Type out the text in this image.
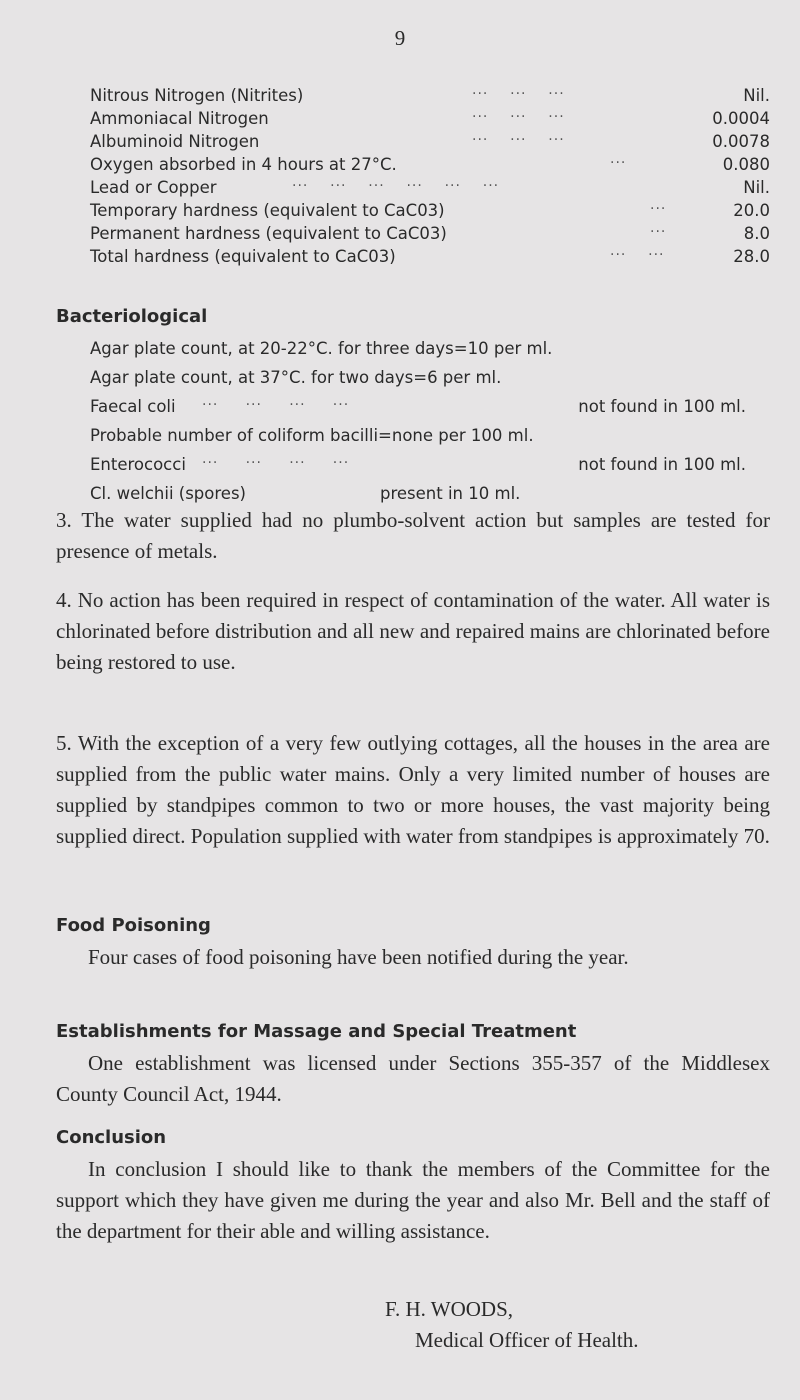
9
Nitrous Nitrogen (Nitrites)	...    ...    ...	Nil.
Ammoniacal Nitrogen	...    ...    ...	0.0004
Albuminoid Nitrogen	...    ...    ...	0.0078
Oxygen absorbed in 4 hours at 27°C.	...	0.080
Lead or Copper	...    ...    ...    ...    ...    ...	Nil.
Temporary hardness (equivalent to CaC03)	...	20.0
Permanent hardness (equivalent to CaC03)	...	8.0
Total hardness (equivalent to CaC03)	...    ...	28.0
Bacteriological
Agar plate count, at 20-22°C. for three days=10 per ml.
Agar plate count, at 37°C. for two days=6 per ml.
Faecal coli ...     ...     ...     ...	not found in 100 ml.
Probable number of coliform bacilli=none per 100 ml.
Enterococci ...     ...     ...     ...	not found in 100 ml.
Cl. welchii (spores)	present in 10 ml.
3. The water supplied had no plumbo-solvent action but samples are tested for presence of metals.
4. No action has been required in respect of contamination of the water. All water is chlorinated before distribution and all new and repaired mains are chlorinated before being restored to use.
5. With the exception of a very few outlying cottages, all the houses in the area are supplied from the public water mains. Only a very limited number of houses are supplied by standpipes common to two or more houses, the vast majority being supplied direct. Population supplied with water from standpipes is approximately 70.
Food Poisoning
Four cases of food poisoning have been notified during the year.
Establishments for Massage and Special Treatment
One establishment was licensed under Sections 355-357 of the Middlesex County Council Act, 1944.
Conclusion
In conclusion I should like to thank the members of the Committee for the support which they have given me during the year and also Mr. Bell and the staff of the department for their able and willing assistance.
F. H. WOODS,
Medical Officer of Health.
